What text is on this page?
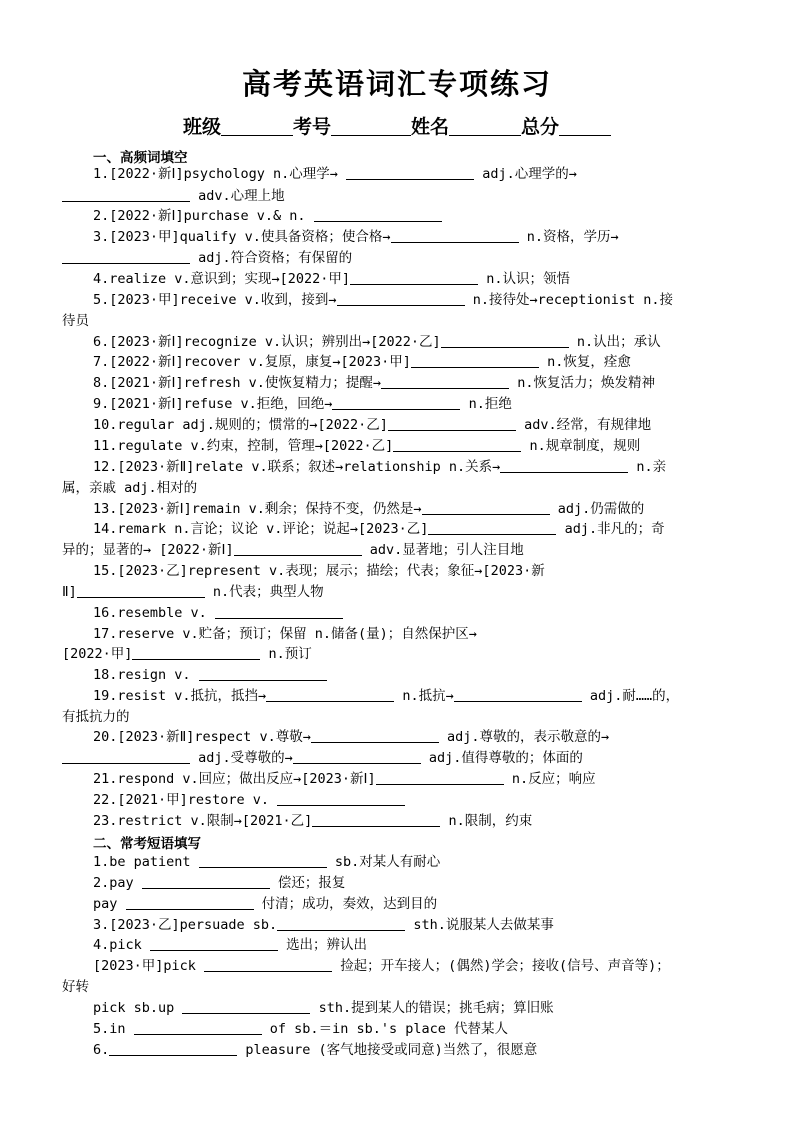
高考英语词汇专项练习
班级	考号	姓名	总分
一、高频词填空
1.[2022·新Ⅰ]psychology n.心理学→	adj.心理学的→
adv.心理上地
2.[2022·新Ⅰ]purchase v.& n.
3.[2023·甲]qualify v.使具备资格；使合格→	n.资格，学历→
adj.符合资格；有保留的
4.realize v.意识到；实现→[2022·甲]	n.认识；领悟
5.[2023·甲]receive v.收到，接到→	n.接待处→receptionist n.接
待员
6.[2023·新Ⅰ]recognize v.认识；辨别出→[2022·乙]	n.认出；承认
7.[2022·新Ⅰ]recover v.复原，康复→[2023·甲]	n.恢复，痊愈
8.[2021·新Ⅰ]refresh v.使恢复精力；提醒→	n.恢复活力；焕发精神
9.[2021·新Ⅰ]refuse v.拒绝，回绝→	n.拒绝
10.regular adj.规则的；惯常的→[2022·乙]	adv.经常，有规律地
11.regulate v.约束，控制，管理→[2022·乙]	n.规章制度，规则
12.[2023·新Ⅱ]relate v.联系；叙述→relationship n.关系→	n.亲
属，亲戚 adj.相对的
13.[2023·新Ⅰ]remain v.剩余；保持不变，仍然是→	adj.仍需做的
14.remark n.言论；议论 v.评论；说起→[2023·乙]	adj.非凡的；奇
异的；显著的→ [2022·新Ⅰ]	adv.显著地；引人注目地
15.[2023·乙]represent v.表现；展示；描绘；代表；象征→[2023·新
Ⅱ]	n.代表；典型人物
16.resemble v.
17.reserve v.贮备；预订；保留 n.储备(量)；自然保护区→
[2022·甲]	n.预订
18.resign v.
19.resist v.抵抗，抵挡→	n.抵抗→	adj.耐……的，
有抵抗力的
20.[2023·新Ⅱ]respect v.尊敬→	adj.尊敬的，表示敬意的→
adj.受尊敬的→	adj.值得尊敬的；体面的
21.respond v.回应；做出反应→[2023·新Ⅰ]	n.反应；响应
22.[2021·甲]restore v.
23.restrict v.限制→[2021·乙]	n.限制，约束
二、常考短语填写
1.be patient	sb.对某人有耐心
2.pay	偿还；报复
pay	付清；成功，奏效，达到目的
3.[2023·乙]persuade sb.	sth.说服某人去做某事
4.pick	选出；辨认出
[2023·甲]pick	捡起；开车接人；(偶然)学会；接收(信号、声音等)；
好转
pick sb.up	sth.提到某人的错误；挑毛病；算旧账
5.in	of sb.＝in sb.'s place 代替某人
6.	pleasure (客气地接受或同意)当然了，很愿意
